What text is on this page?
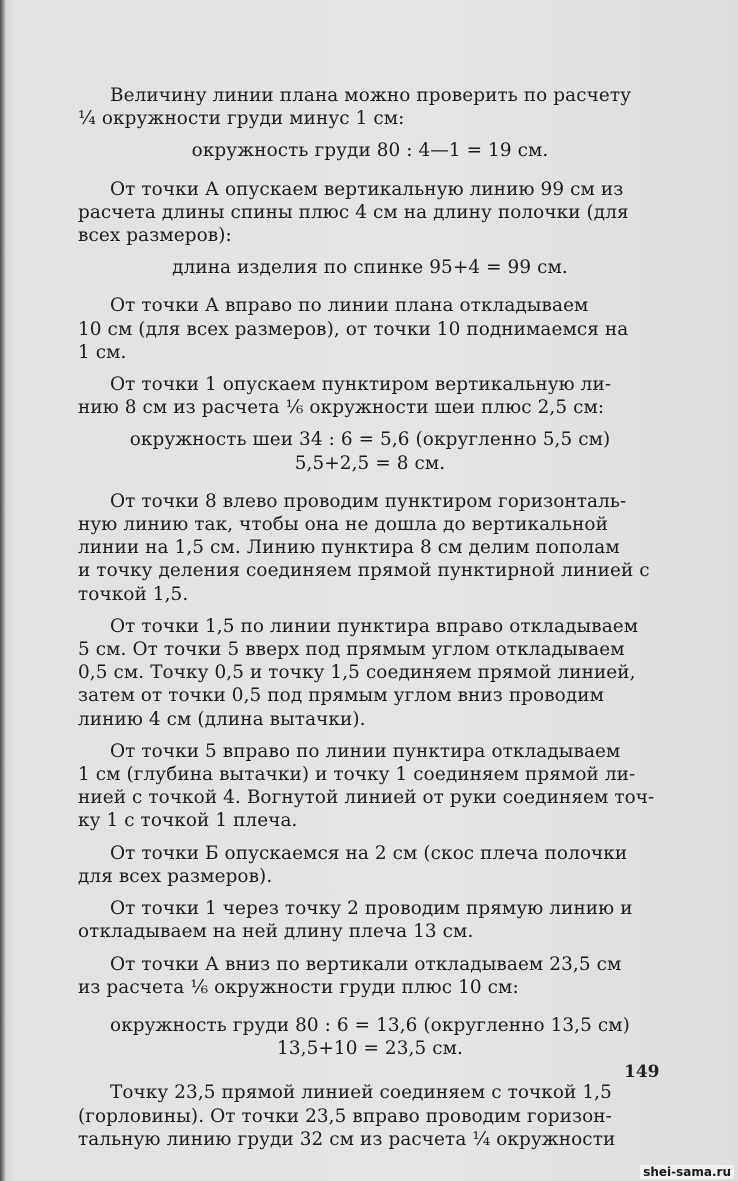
Величину линии плана можно проверить по расчету
¼ окружности груди минус 1 см:

окружность груди 80 : 4—1 = 19 см.

От точки А опускаем вертикальную линию 99 см из
расчета длины спины плюс 4 см на длину полочки (для
всех размеров):

длина изделия по спинке 95+4 = 99 см.

От точки А вправо по линии плана откладываем
10 см (для всех размеров), от точки 10 поднимаемся на
1 см.

От точки 1 опускаем пунктиром вертикальную ли-
нию 8 см из расчета ⅙ окружности шеи плюс 2,5 см:

окружность шеи 34 : 6 = 5,6 (округленно 5,5 см)
5,5+2,5 = 8 см.

От точки 8 влево проводим пунктиром горизонталь-
ную линию так, чтобы она не дошла до вертикальной
линии на 1,5 см. Линию пунктира 8 см делим пополам
и точку деления соединяем прямой пунктирной линией с
точкой 1,5.

От точки 1,5 по линии пунктира вправо откладываем
5 см. От точки 5 вверх под прямым углом откладываем
0,5 см. Точку 0,5 и точку 1,5 соединяем прямой линией,
затем от точки 0,5 под прямым углом вниз проводим
линию 4 см (длина вытачки).

От точки 5 вправо по линии пунктира откладываем
1 см (глубина вытачки) и точку 1 соединяем прямой ли-
нией с точкой 4. Вогнутой линией от руки соединяем точ-
ку 1 с точкой 1 плеча.

От точки Б опускаемся на 2 см (скос плеча полочки
для всех размеров).

От точки 1 через точку 2 проводим прямую линию и
откладываем на ней длину плеча 13 см.

От точки А вниз по вертикали откладываем 23,5 см
из расчета ⅙ окружности груди плюс 10 см:

окружность груди 80 : 6 = 13,6 (округленно 13,5 см)
13,5+10 = 23,5 см.

Точку 23,5 прямой линией соединяем с точкой 1,5
(горловины). От точки 23,5 вправо проводим горизон-
тальную линию груди 32 см из расчета ¼ окружности

149
shei-sama.ru
